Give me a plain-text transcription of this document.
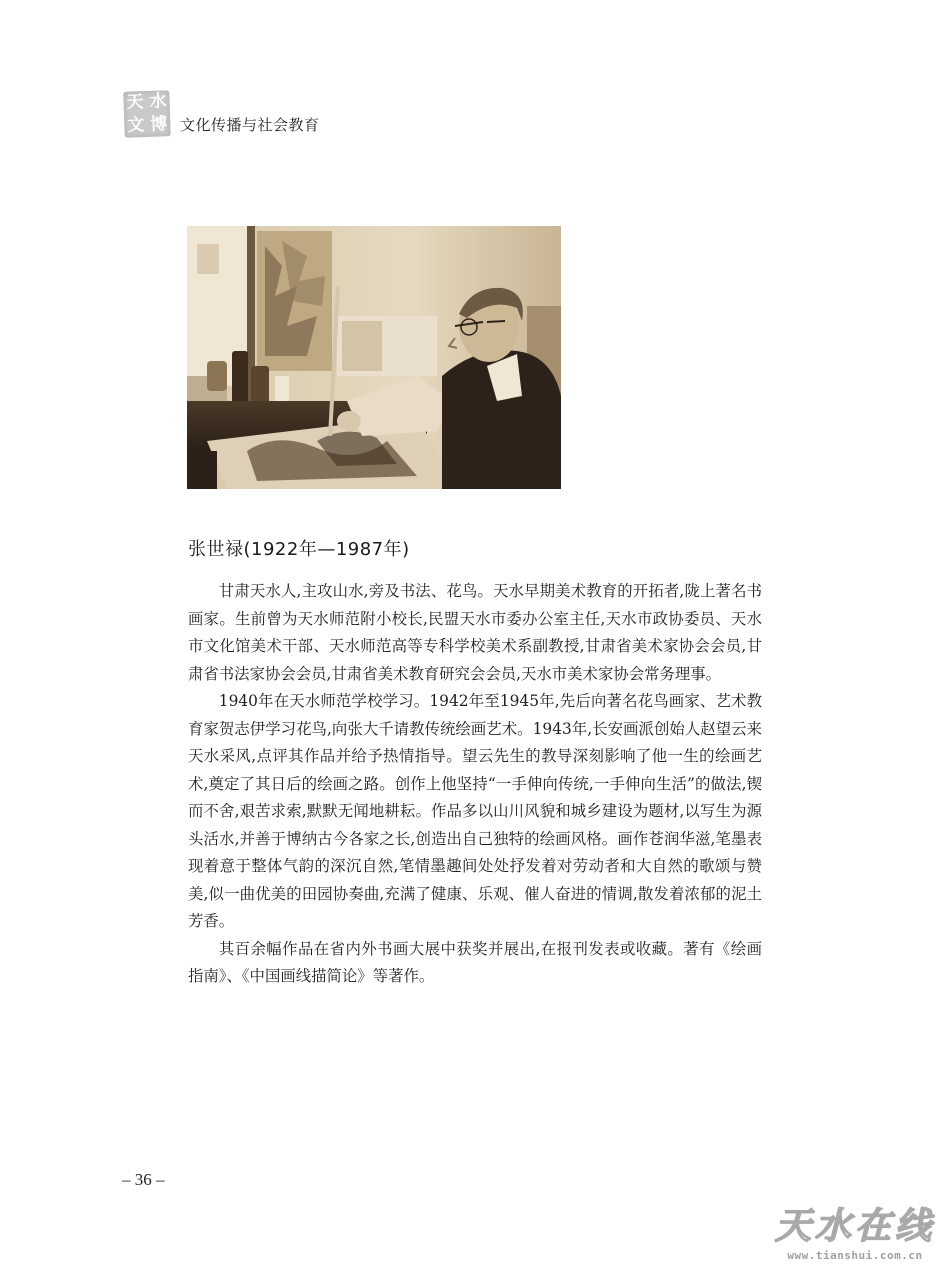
天 水
文 博 文化传播与社会教育
张世禄(1922年—1987年)

甘肃天水人,主攻山水,旁及书法、花鸟。天水早期美术教育的开拓者,陇上著名书画家。生前曾为天水师范附小校长,民盟天水市委办公室主任,天水市政协委员、天水市文化馆美术干部、天水师范高等专科学校美术系副教授,甘肃省美术家协会会员,甘肃省书法家协会会员,甘肃省美术教育研究会会员,天水市美术家协会常务理事。

1940年在天水师范学校学习。1942年至1945年,先后向著名花鸟画家、艺术教育家贺志伊学习花鸟,向张大千请教传统绘画艺术。1943年,长安画派创始人赵望云来天水采风,点评其作品并给予热情指导。望云先生的教导深刻影响了他一生的绘画艺术,奠定了其日后的绘画之路。创作上他坚持“一手伸向传统,一手伸向生活”的做法,锲而不舍,艰苦求索,默默无闻地耕耘。作品多以山川风貌和城乡建设为题材,以写生为源头活水,并善于博纳古今各家之长,创造出自己独特的绘画风格。画作苍润华滋,笔墨表现着意于整体气韵的深沉自然,笔情墨趣间处处抒发着对劳动者和大自然的歌颂与赞美,似一曲优美的田园协奏曲,充满了健康、乐观、催人奋进的情调,散发着浓郁的泥土芳香。

其百余幅作品在省内外书画大展中获奖并展出,在报刊发表或收藏。著有《绘画指南》、《中国画线描简论》等著作。

– 36 –
天水在线
www.tianshui.com.cn
